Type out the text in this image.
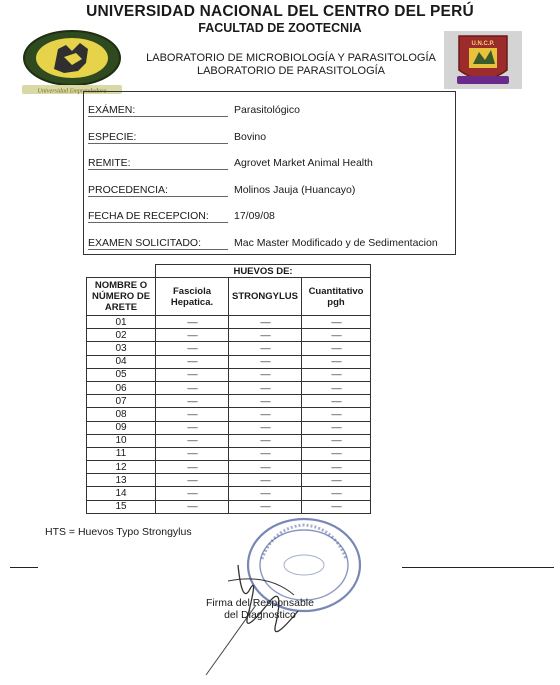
UNIVERSIDAD NACIONAL DEL CENTRO DEL PERÚ
FACULTAD DE ZOOTECNIA
LABORATORIO DE MICROBIOLOGÍA Y PARASITOLOGÍA
LABORATORIO DE PARASITOLOGÍA
Universidad Emprendedora
U.N.C.P.
EXÁMEN:	Parasitológico
ESPECIE:	Bovino
REMITE:	Agrovet Market Animal Health
PROCEDENCIA:	Molinos Jauja (Huancayo)
FECHA DE RECEPCION:	17/09/08
EXAMEN SOLICITADO:	Mac Master Modificado y de Sedimentacion
	HUEVOS DE:		
NOMBRE O NÚMERO DE ARETE	Fasciola Hepatica.	STRONGYLUS	Cuantitativo pgh
01	------	------	------
02	------	------	------
03	------	------	------
04	------	------	------
05	------	------	------
06	------	------	------
07	------	------	------
08	------	------	------
09	------	------	------
10	------	------	------
11	------	------	------
12	------	------	------
13	------	------	------
14	------	------	------
15	------	------	------
HTS = Huevos Typo Strongylus
Firma del Responsable
del Diagnostico
